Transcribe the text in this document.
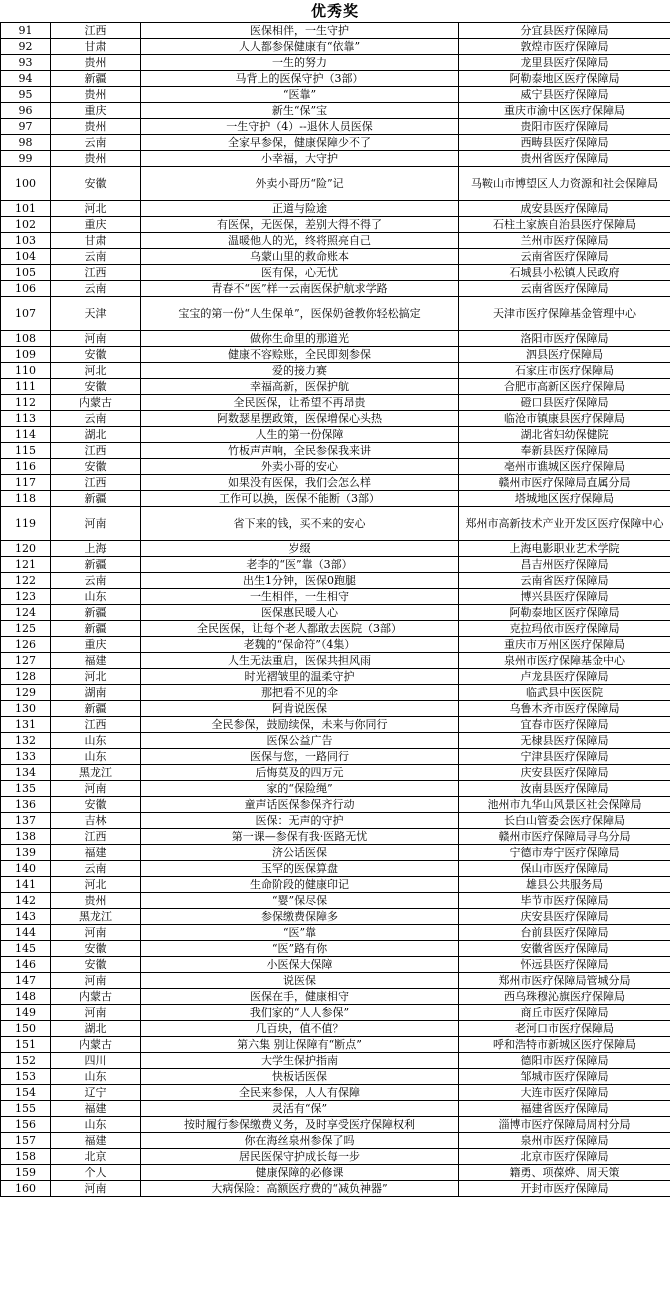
优秀奖
91	江西	医保相伴，一生守护	分宜县医疗保障局
92	甘肃	人人都参保健康有“依靠”	敦煌市医疗保障局
93	贵州	一生的努力	龙里县医疗保障局
94	新疆	马背上的医保守护（3部）	阿勒泰地区医疗保障局
95	贵州	“医靠”	威宁县医疗保障局
96	重庆	新生“保”宝	重庆市渝中区医疗保障局
97	贵州	一生守护（4）--退休人员医保	贵阳市医疗保障局
98	云南	全家早参保，健康保障少不了	西畴县医疗保障局
99	贵州	小幸福，大守护	贵州省医疗保障局
100	安徽	外卖小哥历“险”记	马鞍山市博望区人力资源和社会保障局
101	河北	正道与险途	成安县医疗保障局
102	重庆	有医保，无医保，差别大得不得了	石柱土家族自治县医疗保障局
103	甘肃	温暖他人的光，终将照亮自己	兰州市医疗保障局
104	云南	乌蒙山里的救命账本	云南省医疗保障局
105	江西	医有保，心无忧	石城县小松镇人民政府
106	云南	青春不“医”样一云南医保护航求学路	云南省医疗保障局
107	天津	宝宝的第一份“人生保单”，医保奶爸教你轻松搞定	天津市医疗保障基金管理中心
108	河南	做你生命里的那道光	洛阳市医疗保障局
109	安徽	健康不容赊账，全民即刻参保	泗县医疗保障局
110	河北	爱的接力赛	石家庄市医疗保障局
111	安徽	幸福高新，医保护航	合肥市高新区医疗保障局
112	内蒙古	全民医保，让希望不再昂贵	磴口县医疗保障局
113	云南	阿数瑟星摆政策，医保增保心头热	临沧市镇康县医疗保障局
114	湖北	人生的第一份保障	湖北省妇幼保健院
115	江西	竹板声声响，全民参保我来讲	奉新县医疗保障局
116	安徽	外卖小哥的安心	亳州市谯城区医疗保障局
117	江西	如果没有医保，我们会怎么样	赣州市医疗保障局直属分局
118	新疆	工作可以换，医保不能断（3部）	塔城地区医疗保障局
119	河南	省下来的钱，买不来的安心	郑州市高新技术产业开发区医疗保障中心
120	上海	岁缀	上海电影职业艺术学院
121	新疆	老李的“医”靠（3部）	昌吉州医疗保障局
122	云南	出生1分钟，医保0跑腿	云南省医疗保障局
123	山东	一生相伴，一生相守	博兴县医疗保障局
124	新疆	医保惠民暖人心	阿勒泰地区医疗保障局
125	新疆	全民医保，让每个老人都敢去医院（3部）	克拉玛依市医疗保障局
126	重庆	老魏的“保命符”（4集）	重庆市万州区医疗保障局
127	福建	人生无法重启，医保共担风雨	泉州市医疗保障基金中心
128	河北	时光褶皱里的温柔守护	卢龙县医疗保障局
129	湖南	那把看不见的伞	临武县中医医院
130	新疆	阿肯说医保	乌鲁木齐市医疗保障局
131	江西	全民参保，鼓励续保，未来与你同行	宜春市医疗保障局
132	山东	医保公益广告	无棣县医疗保障局
133	山东	医保与您，一路同行	宁津县医疗保障局
134	黑龙江	后悔莫及的四万元	庆安县医疗保障局
135	河南	家的“保险绳”	汝南县医疗保障局
136	安徽	童声话医保参保齐行动	池州市九华山风景区社会保障局
137	吉林	医保：无声的守护	长白山管委会医疗保障局
138	江西	第一课—参保有我·医路无忧	赣州市医疗保障局寻乌分局
139	福建	济公话医保	宁德市寿宁医疗保障局
140	云南	玉罕的医保算盘	保山市医疗保障局
141	河北	生命阶段的健康印记	雄县公共服务局
142	贵州	“婴”保尽保	毕节市医疗保障局
143	黑龙江	参保缴费保障多	庆安县医疗保障局
144	河南	“医”靠	台前县医疗保障局
145	安徽	“医”路有你	安徽省医疗保障局
146	安徽	小医保大保障	怀远县医疗保障局
147	河南	说医保	郑州市医疗保障局管城分局
148	内蒙古	医保在手，健康相守	西乌珠穆沁旗医疗保障局
149	河南	我们家的“人人参保”	商丘市医疗保障局
150	湖北	几百块，值不值？	老河口市医疗保障局
151	内蒙古	第六集 别让保障有“断点”	呼和浩特市新城区医疗保障局
152	四川	大学生保护指南	德阳市医疗保障局
153	山东	快板话医保	邹城市医疗保障局
154	辽宁	全民来参保，人人有保障	大连市医疗保障局
155	福建	灵活有“保”	福建省医疗保障局
156	山东	按时履行参保缴费义务，及时享受医疗保障权利	淄博市医疗保障局周村分局
157	福建	你在海丝泉州参保了吗	泉州市医疗保障局
158	北京	居民医保守护成长每一步	北京市医疗保障局
159	个人	健康保障的必修课	籍勇、项葆烨、周天策
160	河南	大病保险：高额医疗费的“减负神器”	开封市医疗保障局
